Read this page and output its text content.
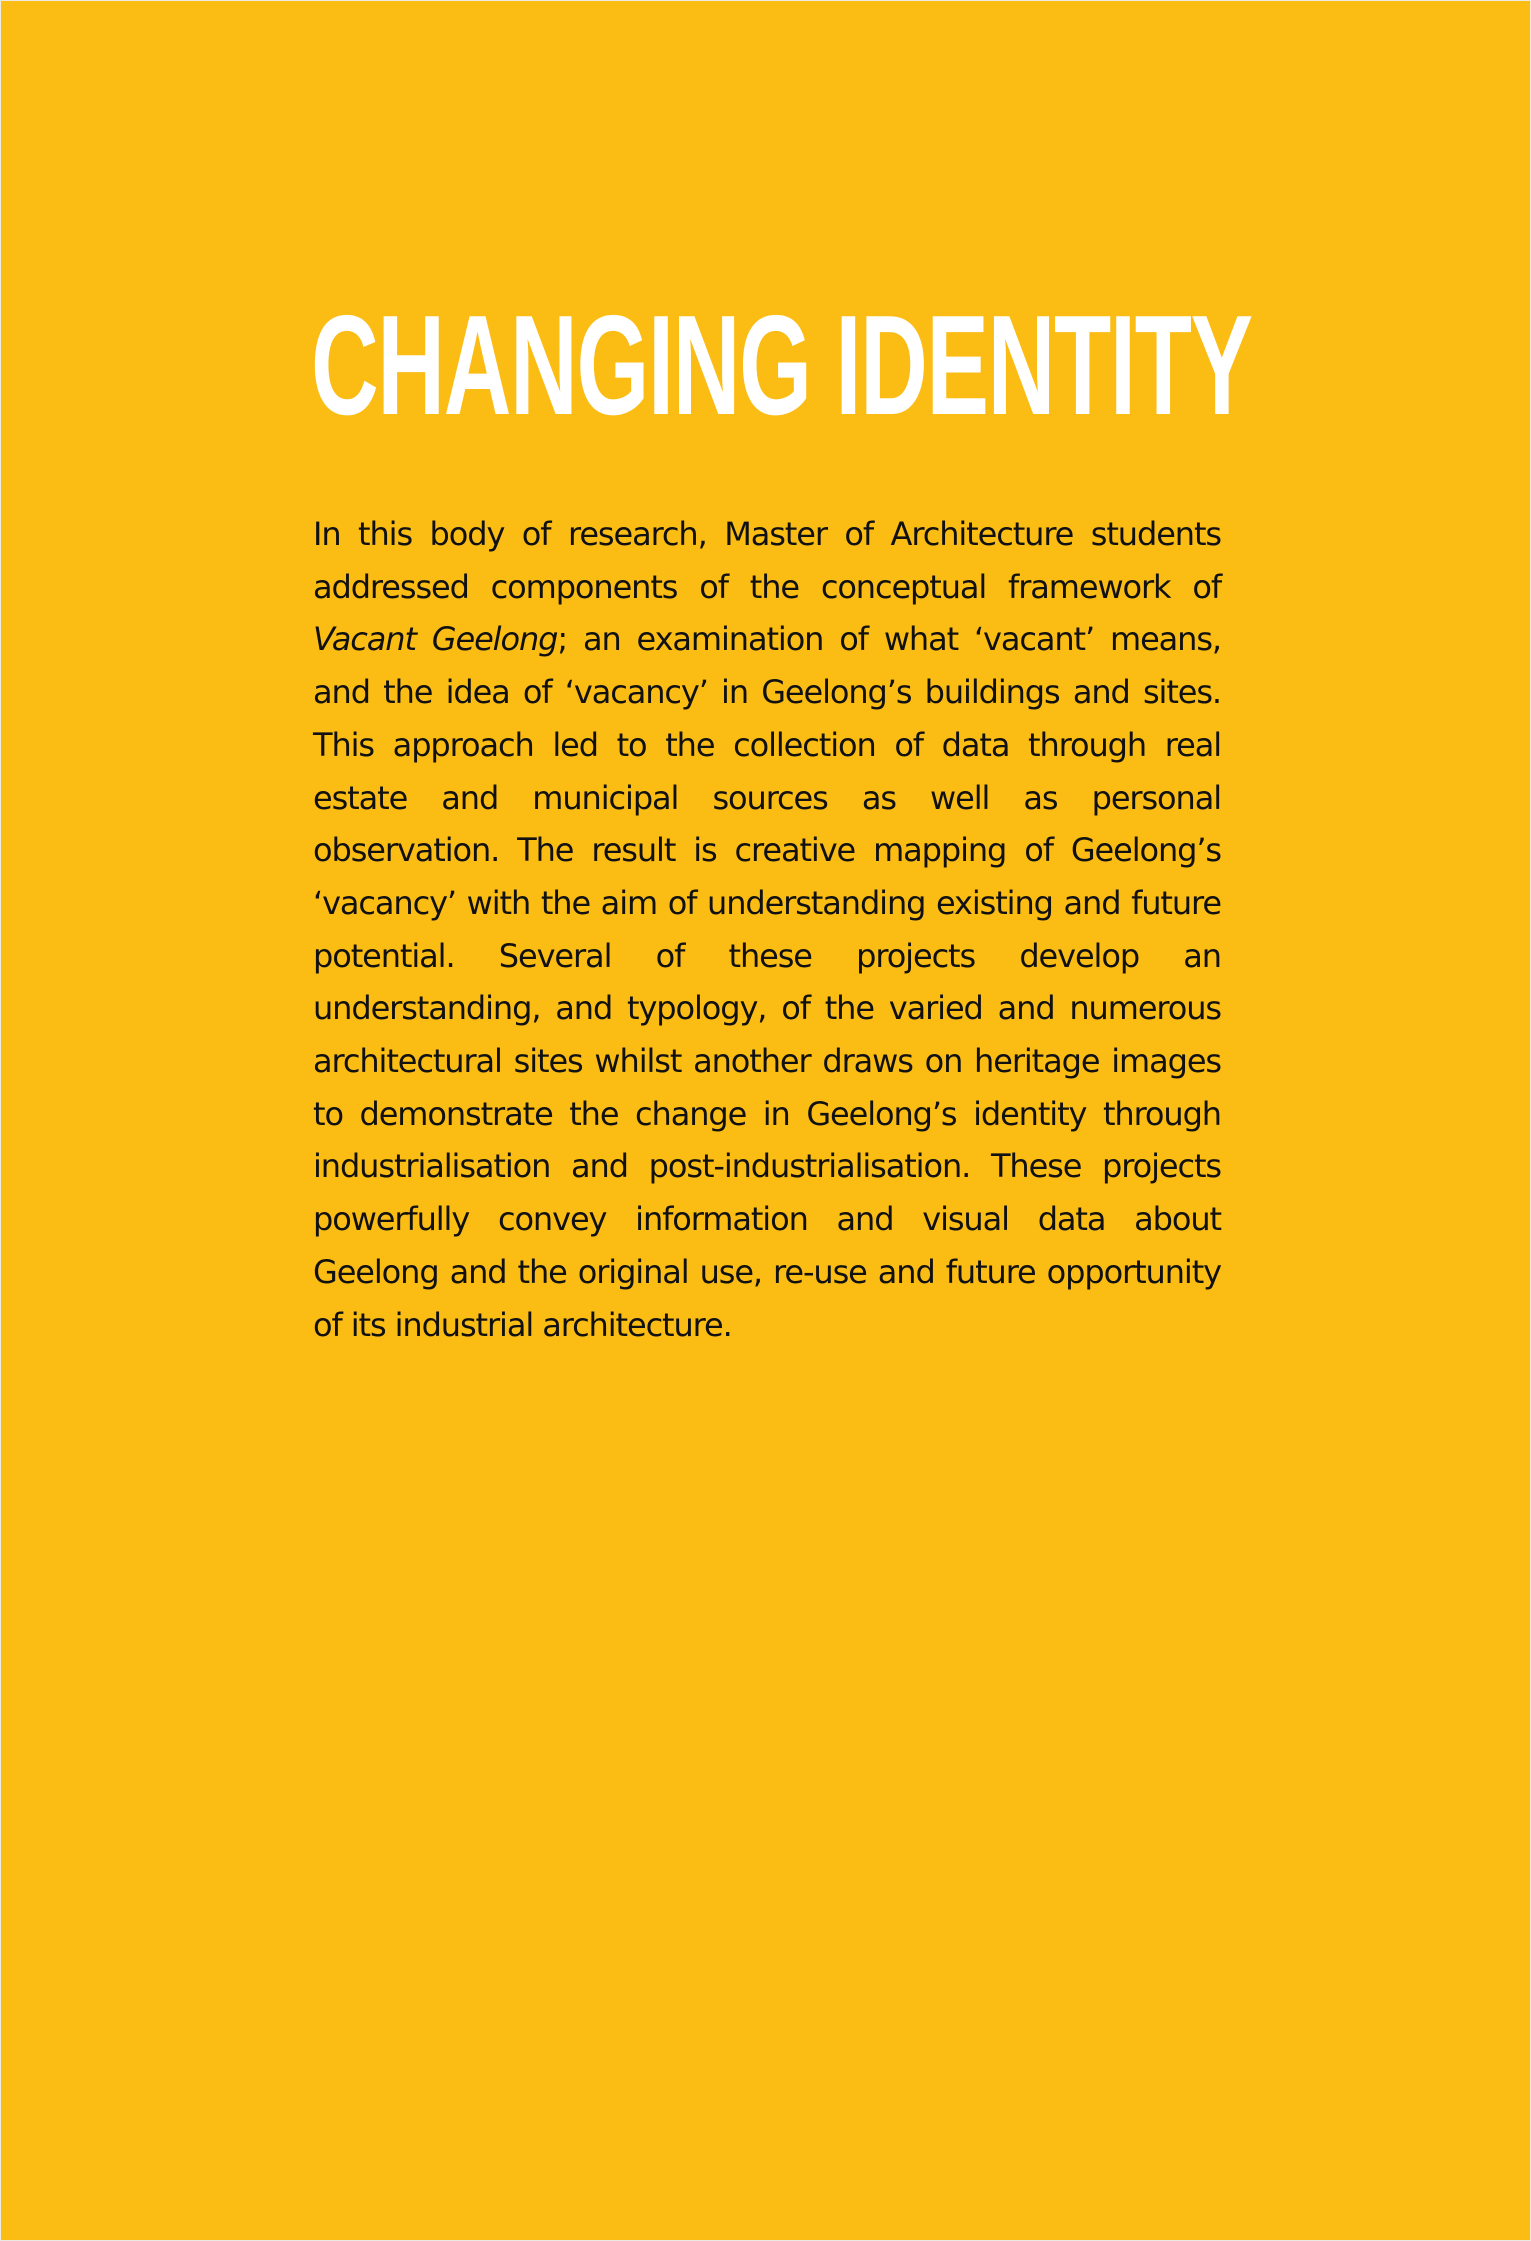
CHANGING IDENTITY

In this body of research, Master of Architecture students addressed components of the conceptual framework of Vacant Geelong; an examination of what ‘vacant’ means, and the idea of ‘vacancy’ in Geelong’s buildings and sites. This approach led to the collection of data through real estate and municipal sources as well as personal observation. The result is creative mapping of Geelong’s ‘vacancy’ with the aim of understanding existing and future potential. Several of these projects develop an understanding, and typology, of the varied and numerous architectural sites whilst another draws on heritage images to demonstrate the change in Geelong’s identity through industrialisation and post-industrialisation. These projects powerfully convey information and visual data about Geelong and the original use, re-use and future opportunity of its industrial architecture.
